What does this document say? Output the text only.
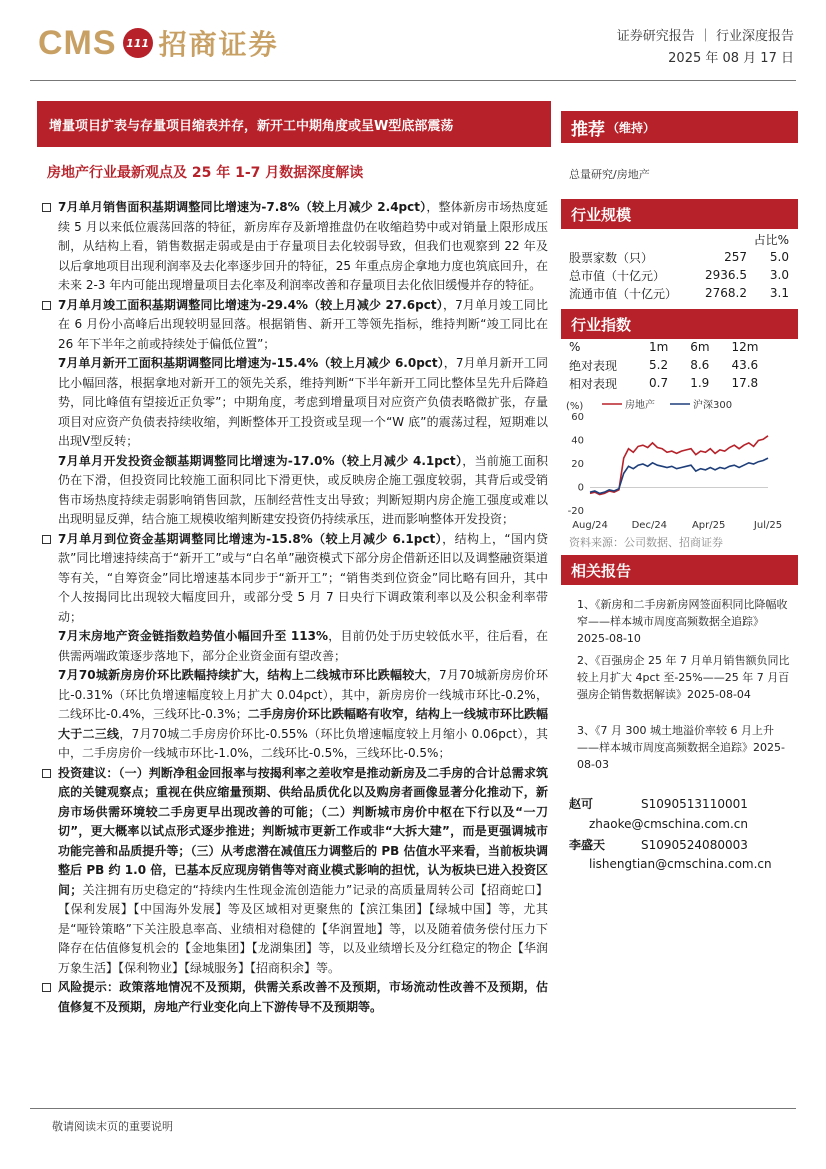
CMS 111 招商证券	证券研究报告 ｜ 行业深度报告
2025 年 08 月 17 日
增量项目扩表与存量项目缩表并存，新开工中期角度或呈W型底部震荡
房地产行业最新观点及 25 年 1-7 月数据深度解读

7月单月销售面积基期调整同比增速为-7.8%（较上月减少 2.4pct），整体新房市场热度延续 5 月以来低位震荡回落的特征，新房库存及新增推盘仍在收缩趋势中或对销量上限形成压制，从结构上看，销售数据走弱或是由于存量项目去化较弱导致，但我们也观察到 22 年及以后拿地项目出现利润率及去化率逐步回升的特征，25 年重点房企拿地力度也筑底回升，在未来 2-3 年内可能出现增量项目去化率及利润率改善和存量项目去化依旧缓慢并存的特征。

7月单月竣工面积基期调整同比增速为-29.4%（较上月减少 27.6pct），7月单月竣工同比在 6 月份小高峰后出现较明显回落。根据销售、新开工等领先指标，维持判断“竣工同比在 26 年下半年之前或持续处于偏低位置”；

7月单月新开工面积基期调整同比增速为-15.4%（较上月减少 6.0pct），7月单月新开工同比小幅回落，根据拿地对新开工的领先关系，维持判断“下半年新开工同比整体呈先升后降趋势，同比峰值有望接近正负零”；中期角度，考虑到增量项目对应资产负债表略微扩张，存量项目对应资产负债表持续收缩，判断整体开工投资或呈现一个“W 底”的震荡过程，短期难以出现V型反转；

7月单月开发投资金额基期调整同比增速为-17.0%（较上月减少 4.1pct），当前施工面积仍在下滑，但投资同比较施工面积同比下滑更快，或反映房企施工强度较弱，其背后或受销售市场热度持续走弱影响销售回款，压制经营性支出导致；判断短期内房企施工强度或难以出现明显反弹，结合施工规模收缩判断建安投资仍持续承压，进而影响整体开发投资；

7月单月到位资金基期调整同比增速为-15.8%（较上月减少 6.1pct），结构上，“国内贷款”同比增速持续高于“新开工”或与“白名单”融资模式下部分房企借新还旧以及调整融资渠道等有关，“自筹资金”同比增速基本同步于“新开工”；“销售类到位资金”同比略有回升，其中个人按揭同比出现较大幅度回升，或部分受 5 月 7 日央行下调政策利率以及公积金利率带动；

7月末房地产资金链指数趋势值小幅回升至 113%，目前仍处于历史较低水平，往后看，在供需两端政策逐步落地下，部分企业资金面有望改善；

7月70城新房房价环比跌幅持续扩大，结构上二线城市环比跌幅较大，7月70城新房房价环比-0.31%（环比负增速幅度较上月扩大 0.04pct），其中，新房房价一线城市环比-0.2%，二线环比-0.4%，三线环比-0.3%；二手房房价环比跌幅略有收窄，结构上一线城市环比跌幅大于二三线，7月70城二手房房价环比-0.55%（环比负增速幅度较上月缩小 0.06pct），其中，二手房房价一线城市环比-1.0%，二线环比-0.5%，三线环比-0.5%；

投资建议：（一）判断净租金回报率与按揭利率之差收窄是推动新房及二手房的合计总需求筑底的关键观察点；重视在供应缩量预期、供给品质优化以及购房者画像显著分化推动下，新房市场供需环境较二手房更早出现改善的可能；（二）判断城市房价中枢在下行以及“一刀切”，更大概率以试点形式逐步推进；判断城市更新工作或非“大拆大建”，而是更强调城市功能完善和品质提升等；（三）从考虑潜在减值压力调整后的 PB 估值水平来看，当前板块调整后 PB 约 1.0 倍，已基本反应现房销售等对商业模式影响的担忧，认为板块已进入投资区间；关注拥有历史稳定的“持续内生性现金流创造能力”记录的高质量周转公司【招商蛇口】【保利发展】【中国海外发展】等及区域相对更聚焦的【滨江集团】【绿城中国】等，尤其是“哑铃策略”下关注股息率高、业绩相对稳健的【华润置地】等，以及随着债务偿付压力下降存在估值修复机会的【金地集团】【龙湖集团】等，以及业绩增长及分红稳定的物企【华润万象生活】【保利物业】【绿城服务】【招商积余】等。

风险提示：政策落地情况不及预期，供需关系改善不及预期，市场流动性改善不及预期，估值修复不及预期，房地产行业变化向上下游传导不及预期等。

推荐 （维持）
总量研究/房地产
行业规模
		占比%
股票家数（只）	257	5.0
总市值（十亿元）	2936.5	3.0
流通市值（十亿元）	2768.2	3.1
行业指数
%	1m	6m	12m
绝对表现	5.2	8.6	43.6
相对表现	0.7	1.9	17.8
(%)	房地产	沪深300
-20
0
20
40
60
Aug/24 Dec/24 Apr/25	Jul/25
资料来源：公司数据、招商证券
相关报告
1、《新房和二手房新房网签面积同比降幅收窄——样本城市周度高频数据全追踪》2025-08-10
2、《百强房企 25 年 7 月单月销售额负同比较上月扩大 4pct 至-25%——25 年 7 月百强房企销售数据解读》2025-08-04
3、《7 月 300 城土地溢价率较 6 月上升——样本城市周度高频数据全追踪》2025-08-03
赵可	S1090513110001
zhaoke@cmschina.com.cn
李盛天	S1090524080003
lishengtian@cmschina.com.cn
敬请阅读末页的重要说明
